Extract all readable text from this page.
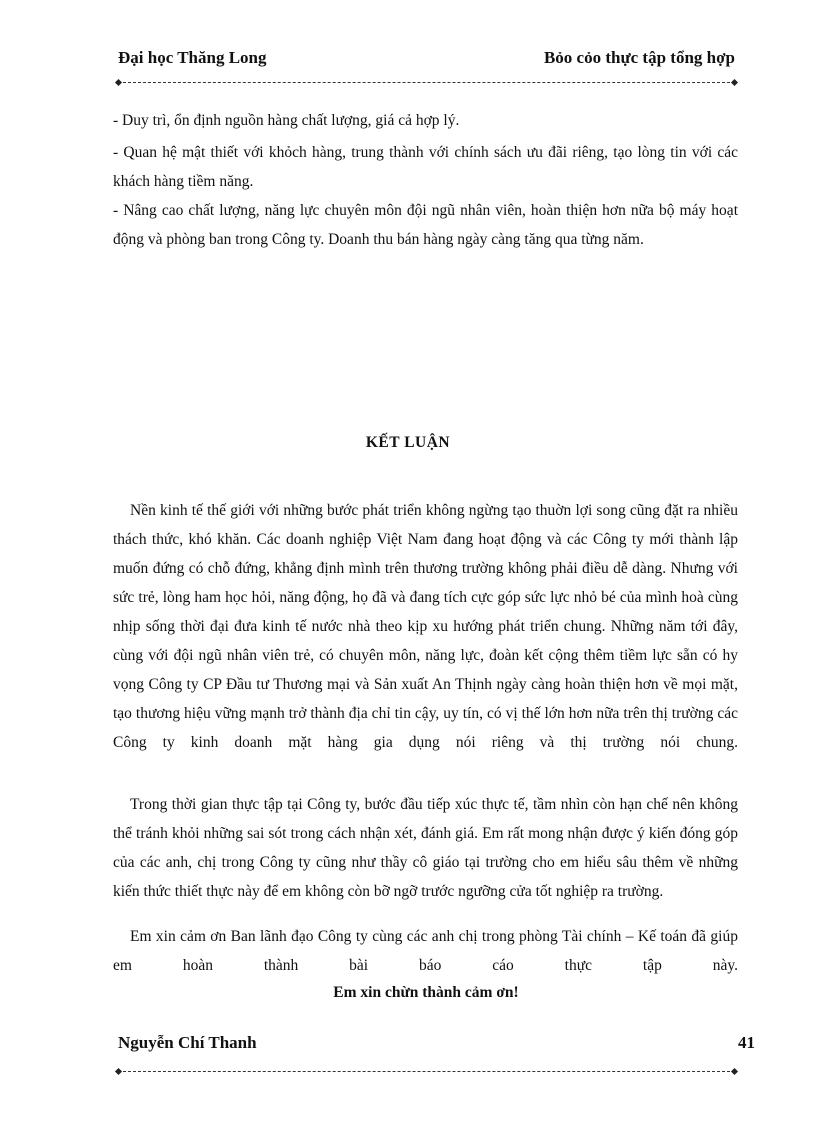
Đại học Thăng Long	Bỏo cỏo thực tập tổng hợp

- Duy trì, ổn định nguồn hàng chất lượng, giá cả hợp lý.

- Quan hệ mật thiết với khỏch hàng, trung thành với chính sách ưu đãi riêng, tạo lòng tin với các khách hàng tiềm năng.

- Nâng cao chất lượng, năng lực chuyên môn đội ngũ nhân viên, hoàn thiện hơn nữa bộ máy hoạt động và phòng ban trong Công ty. Doanh thu bán hàng ngày càng tăng qua từng năm.

KẾT LUẬN

Nền kinh tế thế giới với những bước phát triển không ngừng tạo thuờn lợi song cũng đặt ra nhiều thách thức, khó khăn. Các doanh nghiệp Việt Nam đang hoạt động và các Công ty mới thành lập muốn đứng có chỗ đứng, khẳng định mình trên thương trường không phải điều dễ dàng. Nhưng với sức trẻ, lòng ham học hỏi, năng động, họ đã và đang tích cực góp sức lực nhỏ bé của mình hoà cùng nhịp sống thời đại đưa kinh tế nước nhà theo kịp xu hướng phát triển chung. Những năm tới đây, cùng với đội ngũ nhân viên trẻ, có chuyên môn, năng lực, đoàn kết cộng thêm tiềm lực sẵn có hy vọng Công ty CP Đầu tư Thương mại và Sản xuất An Thịnh ngày càng hoàn thiện hơn về mọi mặt, tạo thương hiệu vững mạnh trở thành địa chỉ tin cậy, uy tín, có vị thế lớn hơn nữa trên thị trường các Công ty kinh doanh mặt hàng gia dụng nói riêng và thị trường nói chung.

Trong thời gian thực tập tại Công ty, bước đầu tiếp xúc thực tế, tầm nhìn còn hạn chế nên không thể tránh khỏi những sai sót trong cách nhận xét, đánh giá. Em rất mong nhận được ý kiến đóng góp của các anh, chị trong Công ty cũng như thầy cô giáo tại trường cho em hiểu sâu thêm về những kiến thức thiết thực này để em không còn bỡ ngỡ trước ngưỡng cửa tốt nghiệp ra trường.

Em xin cảm ơn Ban lãnh đạo Công ty cùng các anh chị trong phòng Tài chính – Kế toán đã giúp em hoàn thành bài báo cáo thực tập này.

Em xin chừn thành cảm ơn!
Nguyễn Chí Thanh	41
